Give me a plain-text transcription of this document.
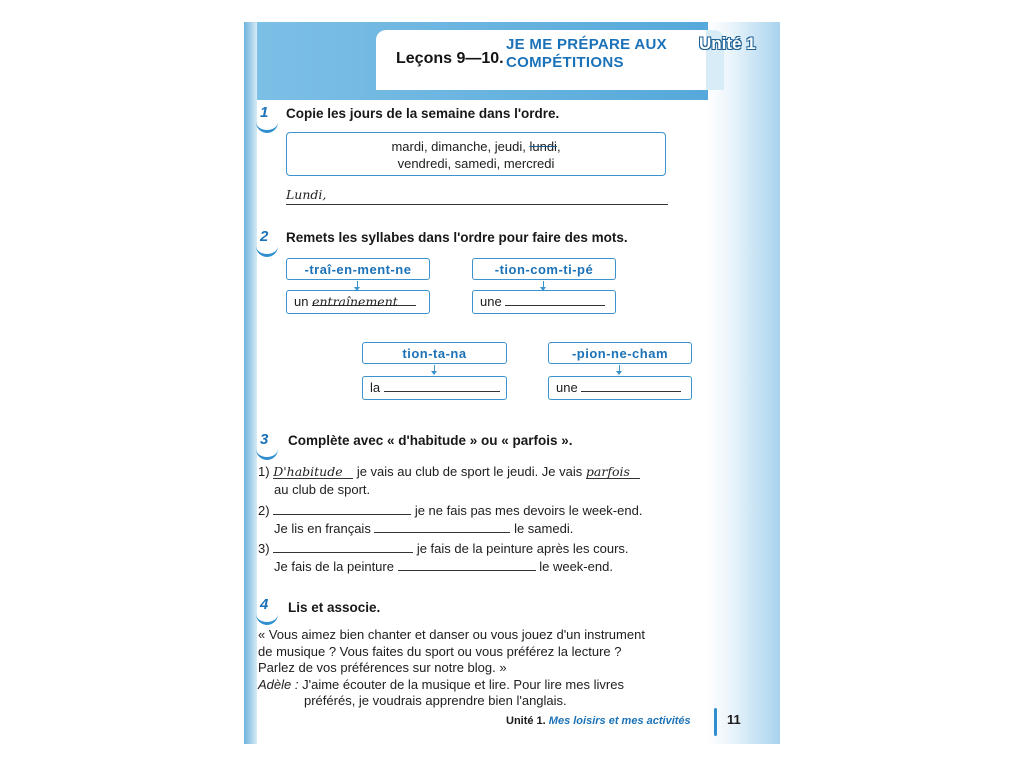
Leçons 9—10.
JE ME PRÉPARE AUX
COMPÉTITIONS
Unité 1
1	Copie les jours de la semaine dans l'ordre.
mardi, dimanche, jeudi, lundi,
vendredi, samedi, mercredi
Lundi,
2	Remets les syllabes dans l'ordre pour faire des mots.
-traî-en-ment-ne
un entraînement
-tion-com-ti-pé
une
tion-ta-na
la
-pion-ne-cham
une
3	Complète avec « d'habitude » ou « parfois ».
1) D'habitude je vais au club de sport le jeudi. Je vais parfois
au club de sport.
2)	je ne fais pas mes devoirs le week-end.
Je lis en français	le samedi.
3)	je fais de la peinture après les cours.
Je fais de la peinture	le week-end.
4	Lis et associe.
« Vous aimez bien chanter et danser ou vous jouez d'un instrument
de musique ? Vous faites du sport ou vous préférez la lecture ?
Parlez de vos préférences sur notre blog. »
Adèle : J'aime écouter de la musique et lire. Pour lire mes livres
préférés, je voudrais apprendre bien l'anglais.
Unité 1. Mes loisirs et mes activités	11
